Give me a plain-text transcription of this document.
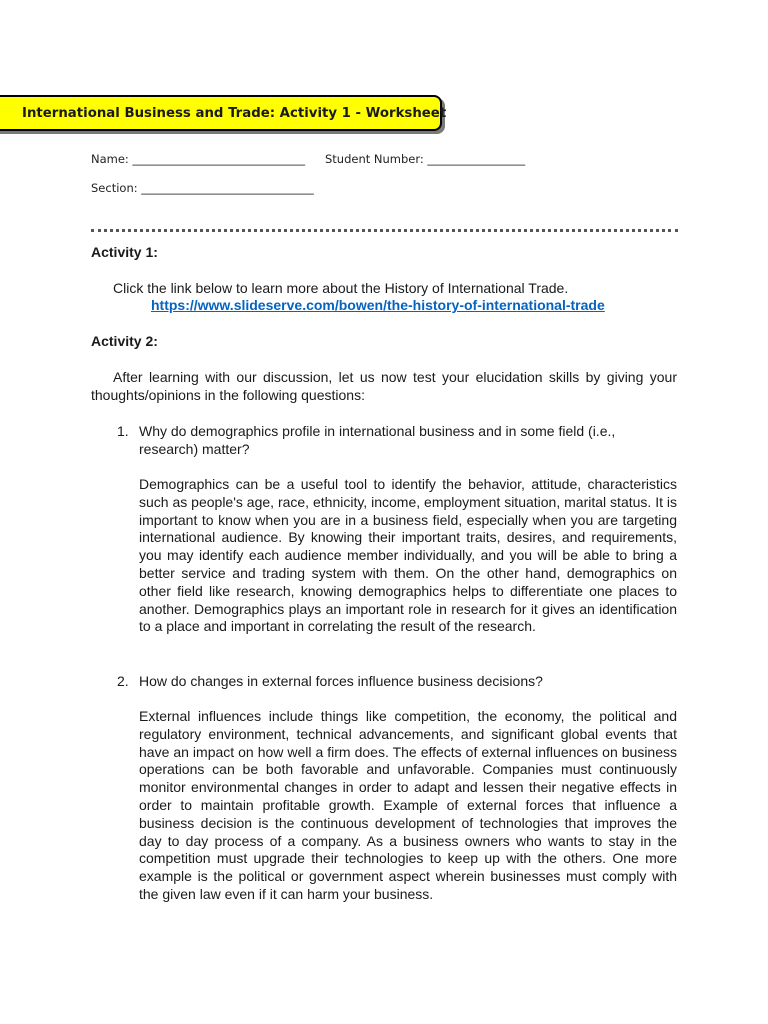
International Business and Trade: Activity 1 - Worksheet
Name: ______________________________ Student Number: _________________
Section: ______________________________

Activity 1:

Click the link below to learn more about the History of International Trade.

https://www.slideserve.com/bowen/the-history-of-international-trade

Activity 2:

After learning with our discussion, let us now test your elucidation skills by giving your thoughts/opinions in the following questions:

1. Why do demographics profile in international business and in some field (i.e., research) matter?

Demographics can be a useful tool to identify the behavior, attitude, characteristics such as people's age, race, ethnicity, income, employment situation, marital status. It is important to know when you are in a business field, especially when you are targeting international audience. By knowing their important traits, desires, and requirements, you may identify each audience member individually, and you will be able to bring a better service and trading system with them. On the other hand, demographics on other field like research, knowing demographics helps to differentiate one places to another. Demographics plays an important role in research for it gives an identification to a place and important in correlating the result of the research.

2. How do changes in external forces influence business decisions?

External influences include things like competition, the economy, the political and regulatory environment, technical advancements, and significant global events that have an impact on how well a firm does. The effects of external influences on business operations can be both favorable and unfavorable. Companies must continuously monitor environmental changes in order to adapt and lessen their negative effects in order to maintain profitable growth. Example of external forces that influence a business decision is the continuous development of technologies that improves the day to day process of a company. As a business owners who wants to stay in the competition must upgrade their technologies to keep up with the others. One more example is the political or government aspect wherein businesses must comply with the given law even if it can harm your business.
